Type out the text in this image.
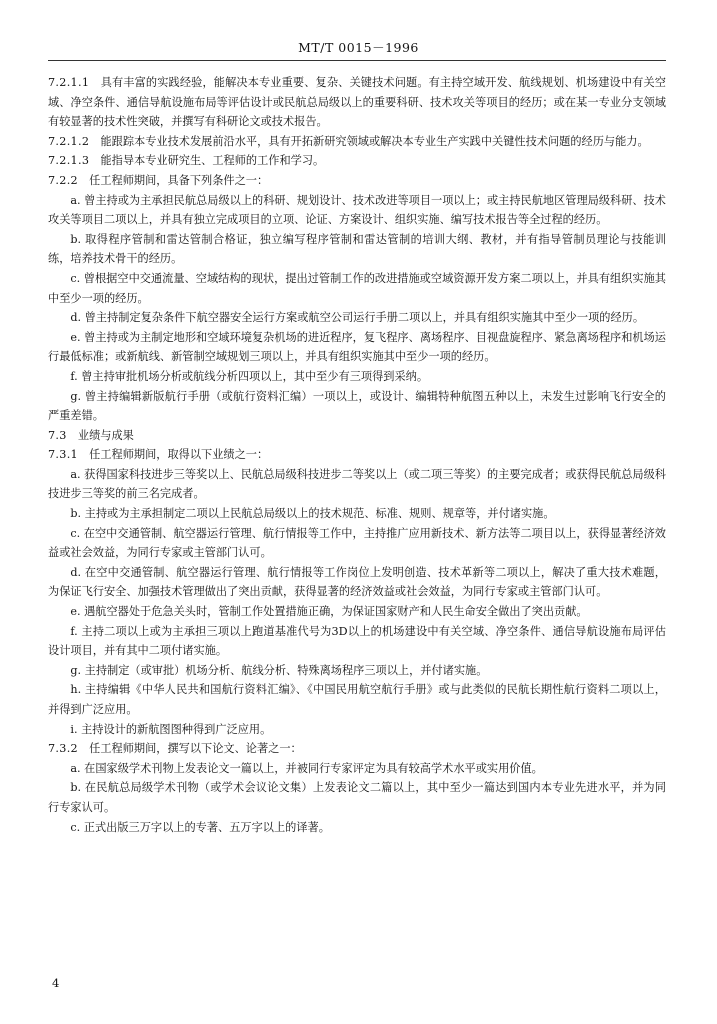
MT/T 0015－1996

7.2.1.1　 具有丰富的实践经验，能解决本专业重要、复杂、关键技术问题。有主持空域开发、航线规划、机场建设中有关空域、净空条件、通信导航设施布局等评估设计或民航总局级以上的重要科研、技术攻关等项目的经历；或在某一专业分支领域有较显著的技术性突破，并撰写有科研论文或技术报告。

7.2.1.2　 能跟踪本专业技术发展前沿水平，具有开拓新研究领域或解决本专业生产实践中关键性技术问题的经历与能力。

7.2.1.3　 能指导本专业研究生、工程师的工作和学习。

7.2.2　 任工程师期间，具备下列条件之一：

a. 曾主持或为主承担民航总局级以上的科研、规划设计、技术改进等项目一项以上；或主持民航地区管理局级科研、技术攻关等项目二项以上，并具有独立完成项目的立项、论证、方案设计、组织实施、编写技术报告等全过程的经历。

b. 取得程序管制和雷达管制合格证，独立编写程序管制和雷达管制的培训大纲、教材，并有指导管制员理论与技能训练，培养技术骨干的经历。

c. 曾根据空中交通流量、空域结构的现状，提出过管制工作的改进措施或空域资源开发方案二项以上，并具有组织实施其中至少一项的经历。

d. 曾主持制定复杂条件下航空器安全运行方案或航空公司运行手册二项以上，并具有组织实施其中至少一项的经历。

e. 曾主持或为主制定地形和空域环境复杂机场的进近程序，复飞程序、离场程序、目视盘旋程序、紧急离场程序和机场运行最低标准；或新航线、新管制空域规划三项以上，并具有组织实施其中至少一项的经历。

f. 曾主持审批机场分析或航线分析四项以上，其中至少有三项得到采纳。

g. 曾主持编辑新版航行手册（或航行资料汇编）一项以上，或设计、编辑特种航图五种以上，未发生过影响飞行安全的严重差错。

7.3　 业绩与成果

7.3.1　 任工程师期间，取得以下业绩之一：

a. 获得国家科技进步三等奖以上、民航总局级科技进步二等奖以上（或二项三等奖）的主要完成者；或获得民航总局级科技进步三等奖的前三名完成者。

b. 主持或为主承担制定二项以上民航总局级以上的技术规范、标准、规则、规章等，并付诸实施。

c. 在空中交通管制、航空器运行管理、航行情报等工作中，主持推广应用新技术、新方法等二项目以上，获得显著经济效益或社会效益，为同行专家或主管部门认可。

d. 在空中交通管制、航空器运行管理、航行情报等工作岗位上发明创造、技术革新等二项以上，解决了重大技术难题，为保证飞行安全、加强技术管理做出了突出贡献，获得显著的经济效益或社会效益，为同行专家或主管部门认可。

e. 遇航空器处于危急关头时，管制工作处置措施正确，为保证国家财产和人民生命安全做出了突出贡献。

f. 主持二项以上或为主承担三项以上跑道基准代号为3D以上的机场建设中有关空域、净空条件、通信导航设施布局评估设计项目，并有其中二项付诸实施。

g. 主持制定（或审批）机场分析、航线分析、特殊离场程序三项以上，并付诸实施。

h. 主持编辑《中华人民共和国航行资料汇编》、《中国民用航空航行手册》或与此类似的民航长期性航行资料二项以上，并得到广泛应用。

i. 主持设计的新航图图种得到广泛应用。

7.3.2　 任工程师期间，撰写以下论文、论著之一：

a. 在国家级学术刊物上发表论文一篇以上，并被同行专家评定为具有较高学术水平或实用价值。

b. 在民航总局级学术刊物（或学术会议论文集）上发表论文二篇以上，其中至少一篇达到国内本专业先进水平，并为同行专家认可。

c. 正式出版三万字以上的专著、五万字以上的译著。

4
